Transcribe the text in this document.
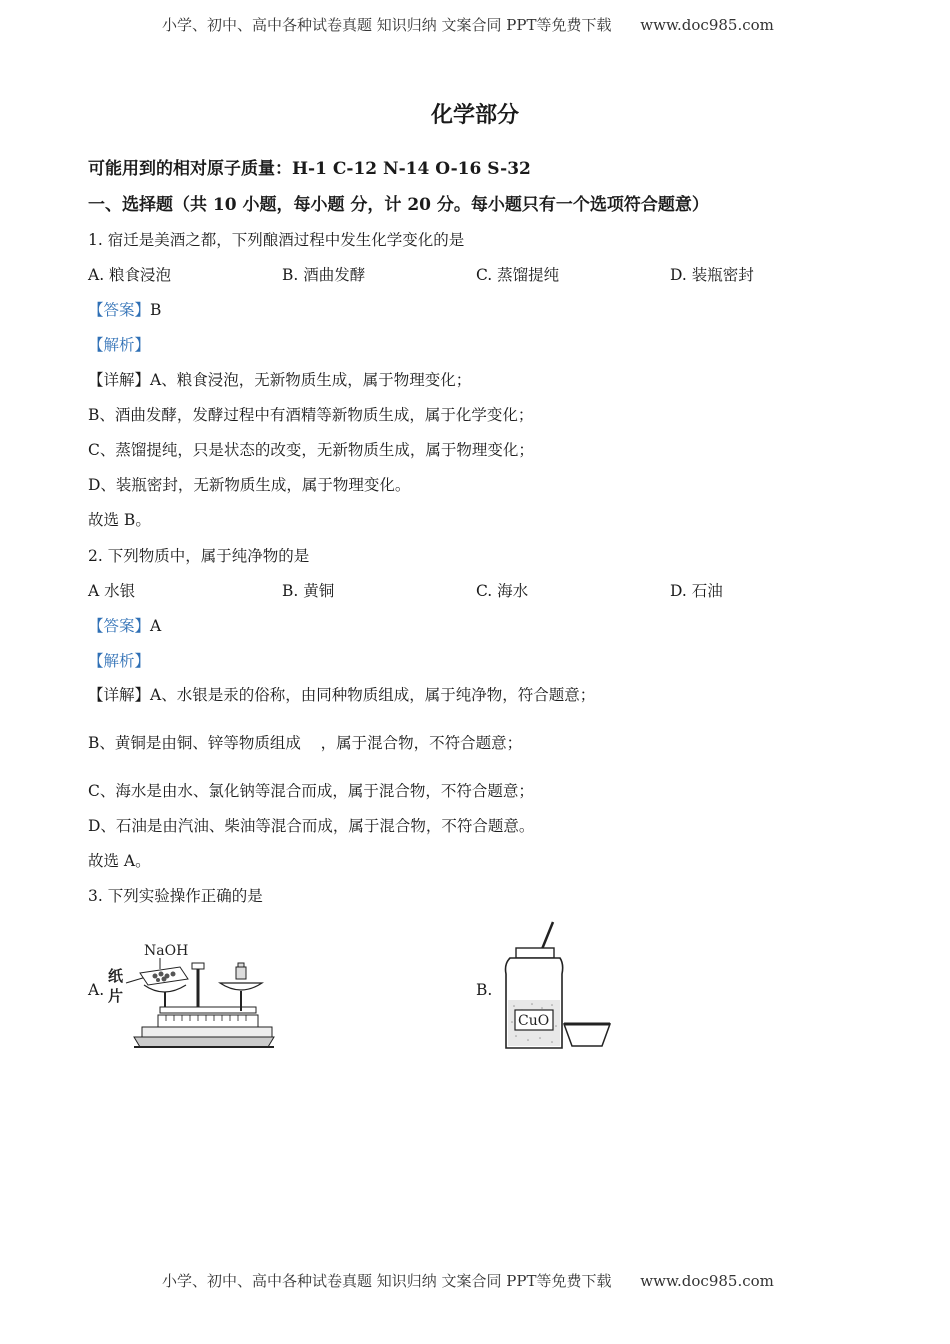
小学、初中、高中各种试卷真题 知识归纳 文案合同 PPT等免费下载 www.doc985.com
化学部分
可能用到的相对原子质量：H-1 C-12 N-14 O-16 S-32
一、选择题（共 10 小题，每小题 分，计 20 分。每小题只有一个选项符合题意）
1. 宿迁是美酒之都，下列酿酒过程中发生化学变化的是
A. 粮食浸泡	B. 酒曲发酵	C. 蒸馏提纯	D. 装瓶密封
【答案】B
【解析】
【详解】A、粮食浸泡，无新物质生成，属于物理变化；
B、酒曲发酵，发酵过程中有酒精等新物质生成，属于化学变化；
C、蒸馏提纯，只是状态的改变，无新物质生成，属于物理变化；
D、装瓶密封，无新物质生成，属于物理变化。
故选 B。
2. 下列物质中，属于纯净物的是
A 水银	B. 黄铜	C. 海水	D. 石油
【答案】A
【解析】
【详解】A、水银是汞的俗称，由同种物质组成，属于纯净物，符合题意；
B、黄铜是由铜、锌等物质组成    ，属于混合物，不符合题意；
C、海水是由水、氯化钠等混合而成，属于混合物，不符合题意；
D、石油是由汽油、柴油等混合而成，属于混合物，不符合题意。
故选 A。
3. 下列实验操作正确的是
A.	B.
NaOH
纸
片
CuO
小学、初中、高中各种试卷真题 知识归纳 文案合同 PPT等免费下载 www.doc985.com
